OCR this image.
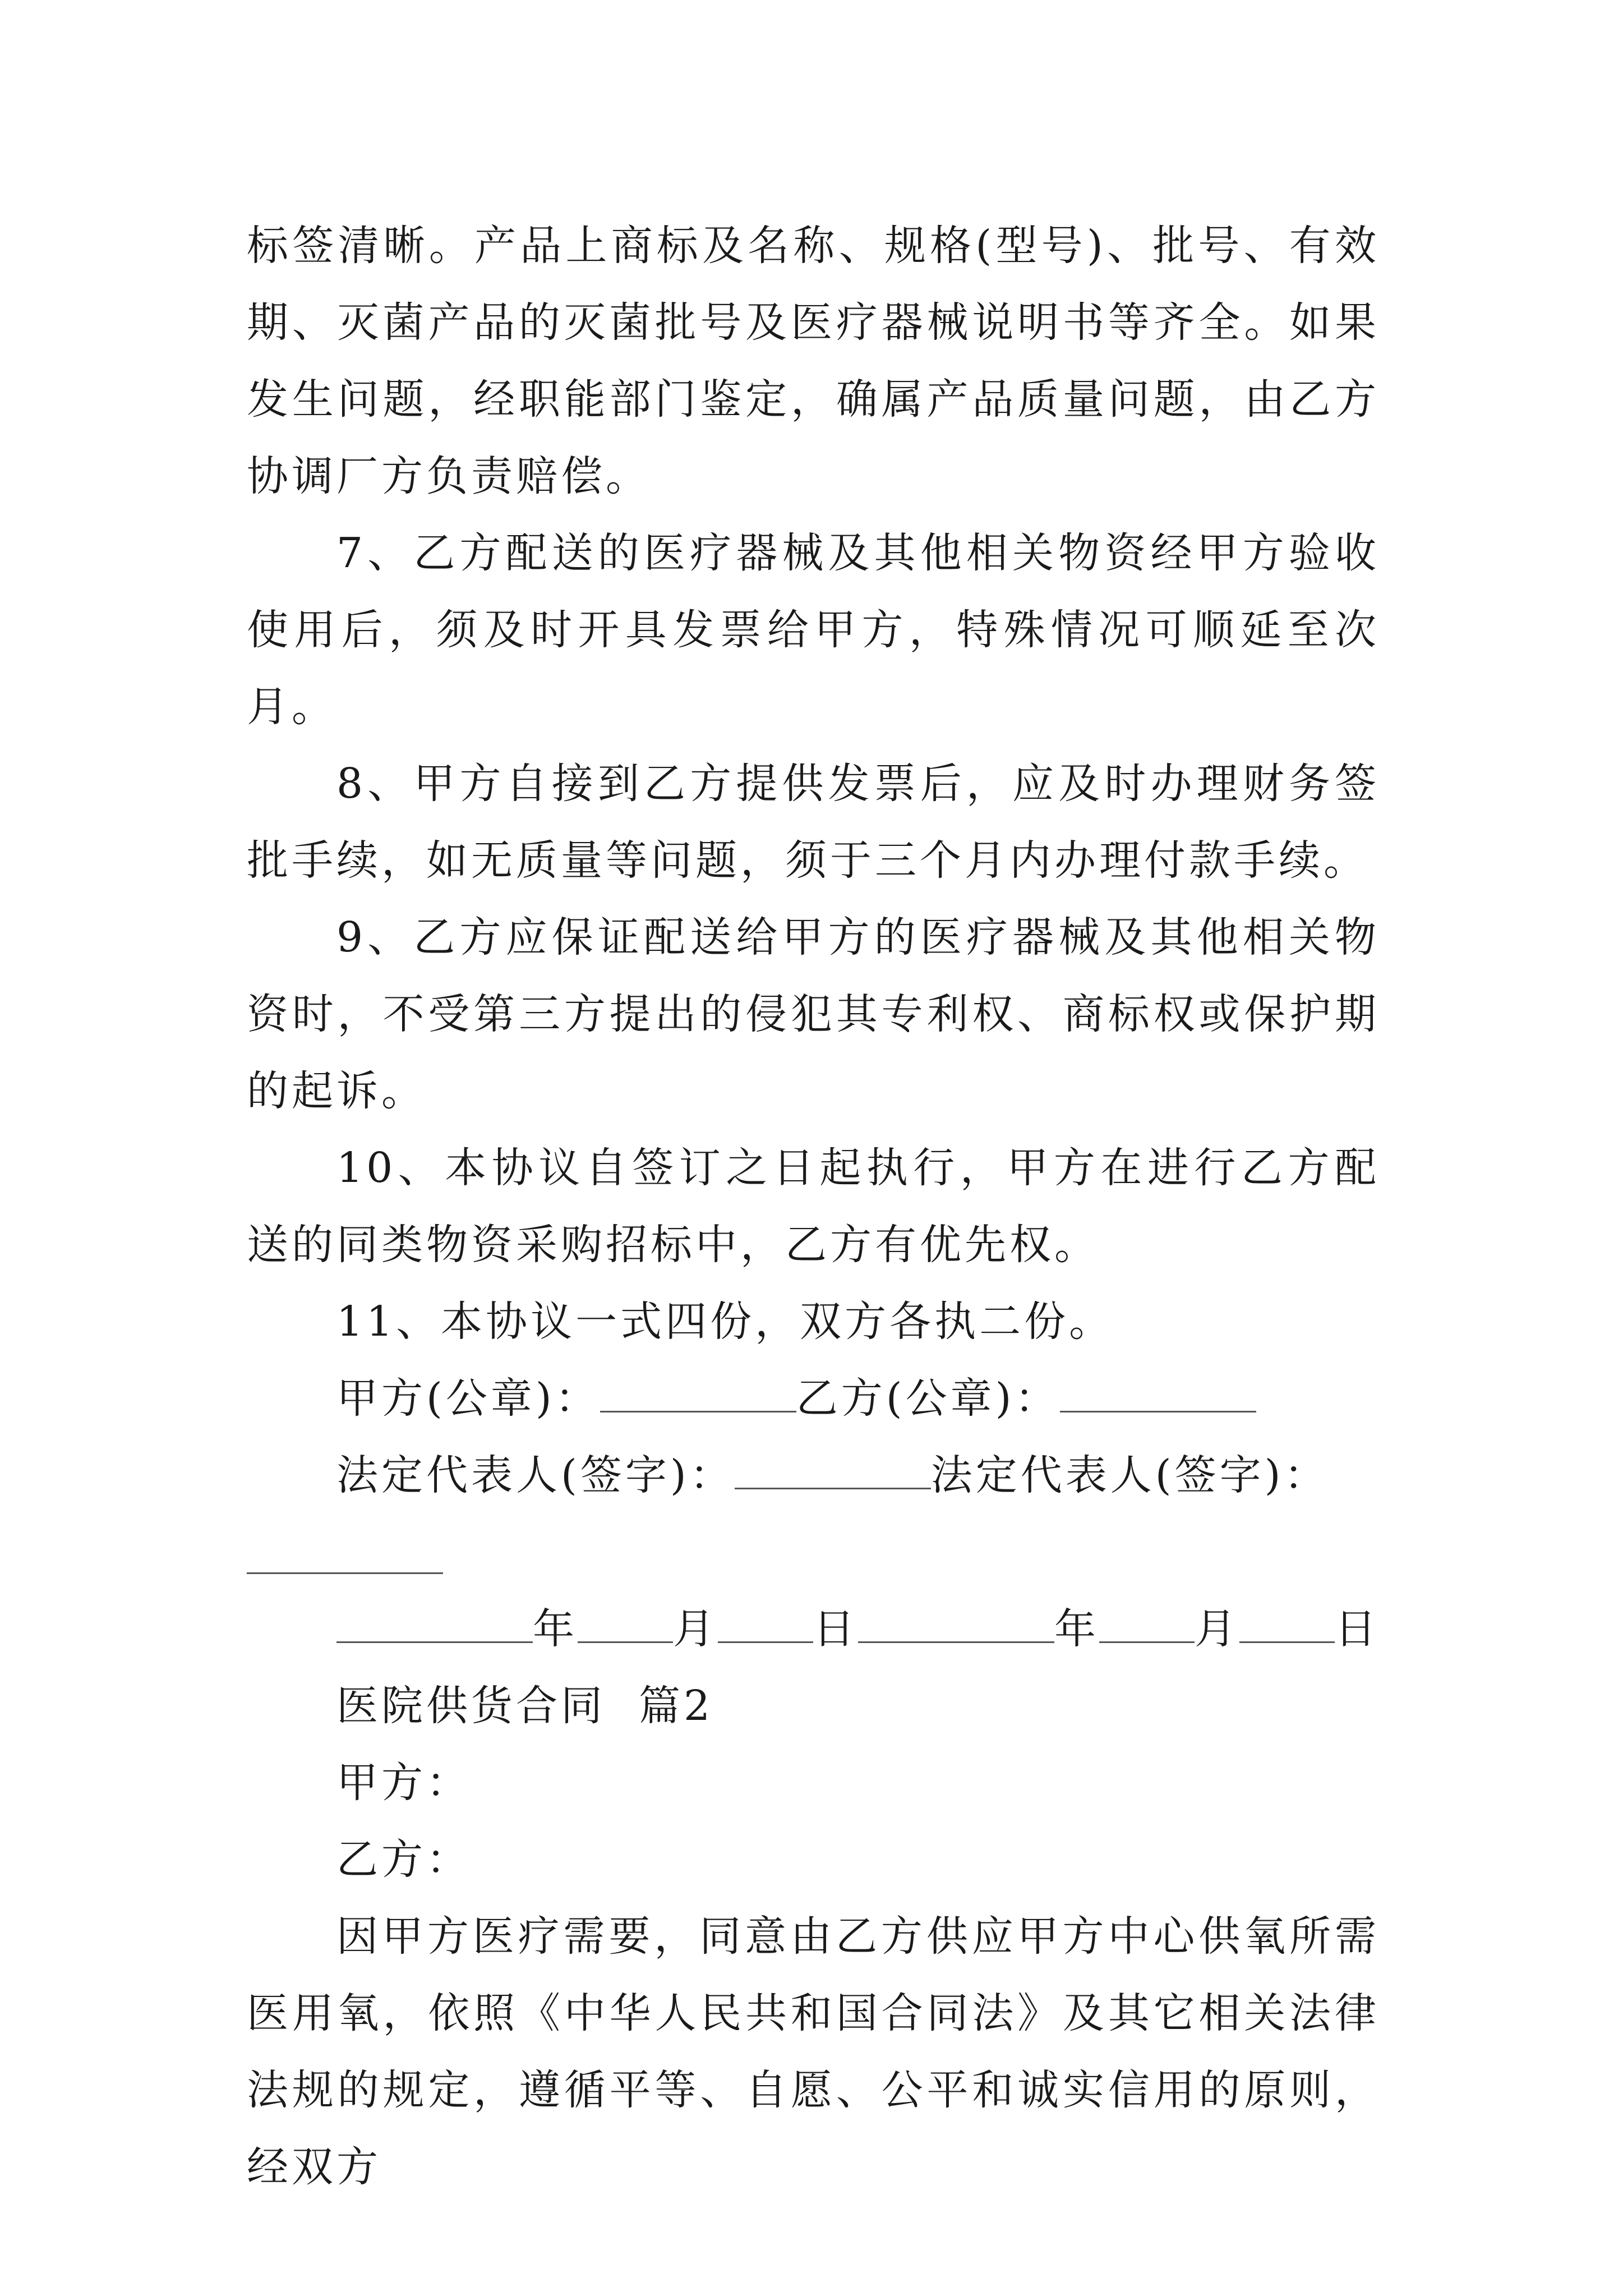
标签清晰。产品上商标及名称、规格(型号)、批号、有效期、灭菌产品的灭菌批号及医疗器械说明书等齐全。如果发生问题，经职能部门鉴定，确属产品质量问题，由乙方协调厂方负责赔偿。

7、乙方配送的医疗器械及其他相关物资经甲方验收使用后，须及时开具发票给甲方，特殊情况可顺延至次月。

8、甲方自接到乙方提供发票后，应及时办理财务签批手续，如无质量等问题，须于三个月内办理付款手续。

9、乙方应保证配送给甲方的医疗器械及其他相关物资时，不受第三方提出的侵犯其专利权、商标权或保护期的起诉。

10、本协议自签订之日起执行，甲方在进行乙方配送的同类物资采购招标中，乙方有优先权。

11、本协议一式四份，双方各执二份。

甲方(公章)：	乙方(公章)：

法定代表人(签字)：	法定代表人(签字)：

年 月 日	年 月 日

医院供货合同  篇2

甲方：

乙方：

因甲方医疗需要，同意由乙方供应甲方中心供氧所需医用氧，依照《中华人民共和国合同法》及其它相关法律法规的规定，遵循平等、自愿、公平和诚实信用的原则，经双方
